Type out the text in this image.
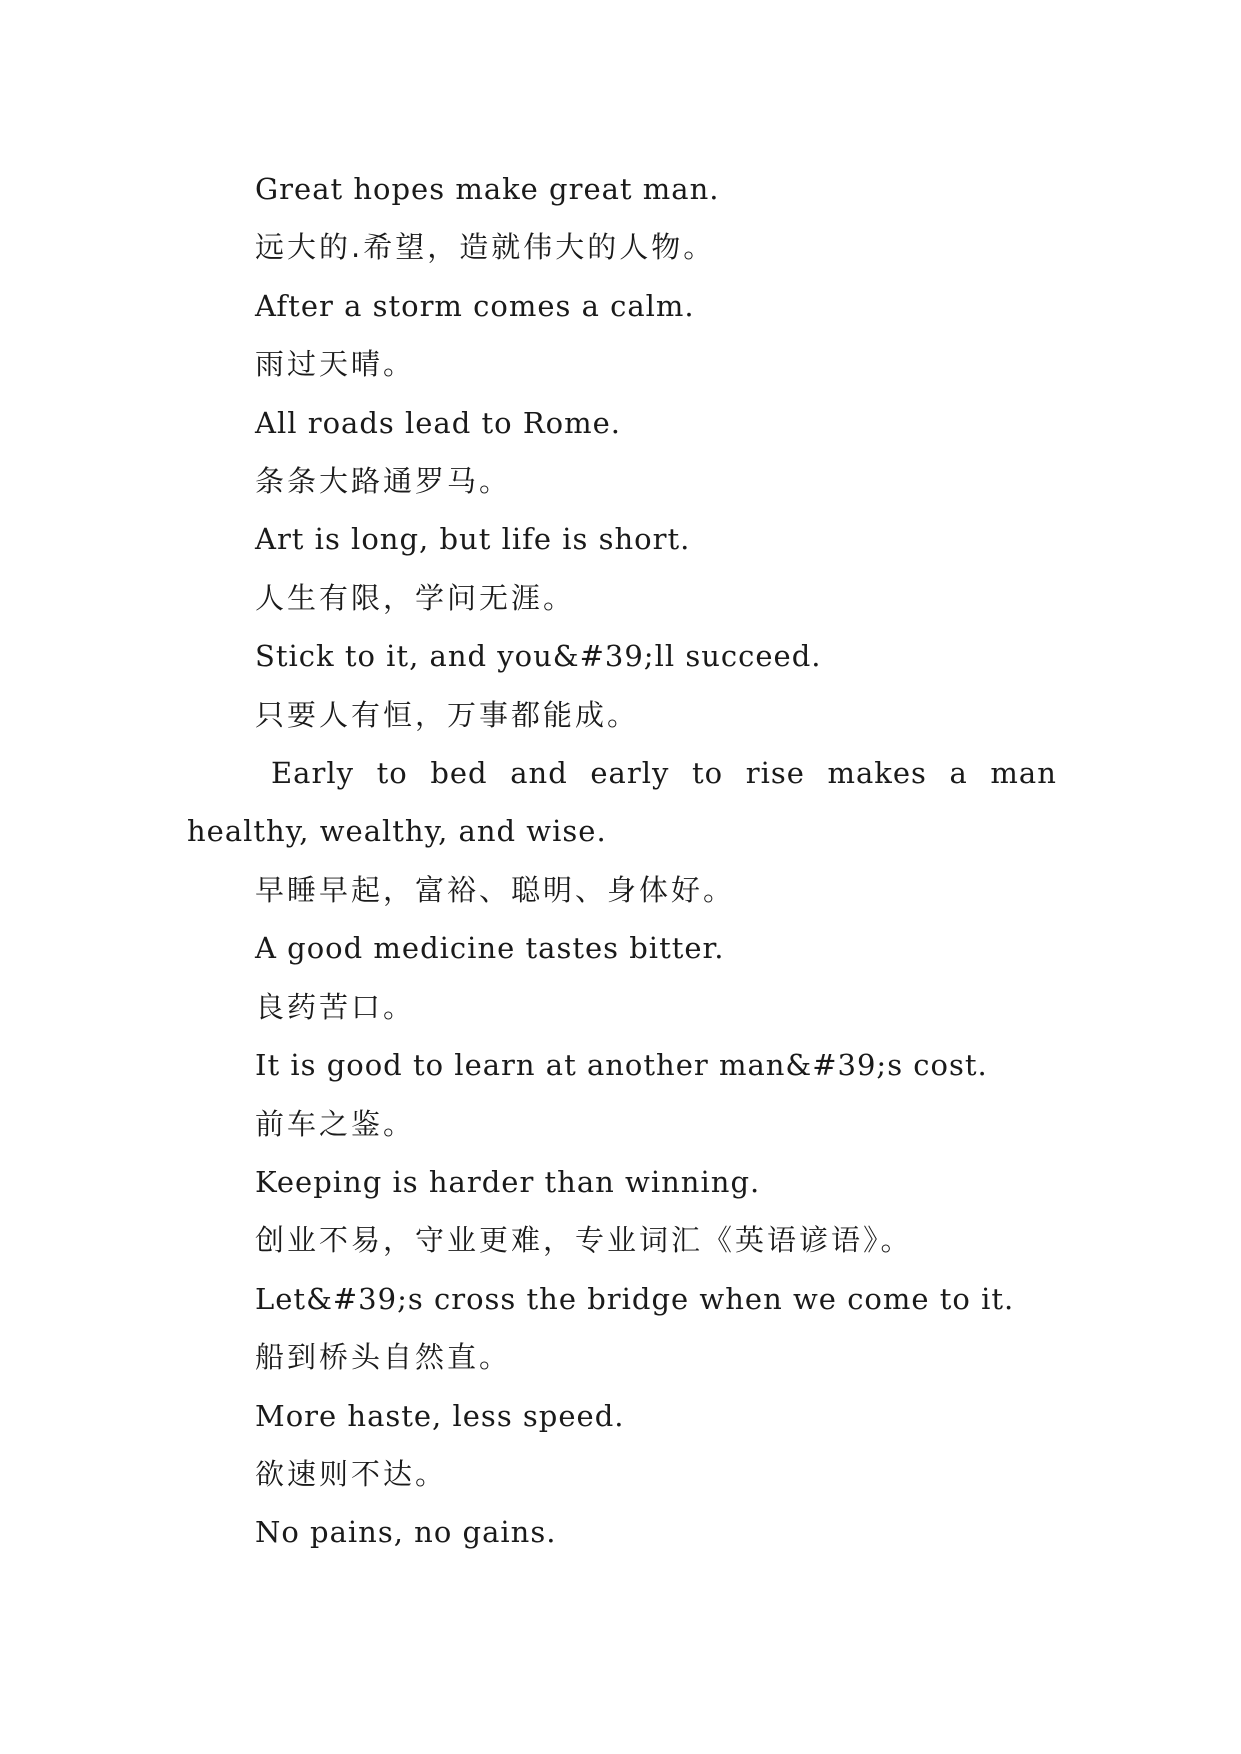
Great hopes make great man.
远大的.希望，造就伟大的人物。
After a storm comes a calm.
雨过天晴。
All roads lead to Rome.
条条大路通罗马。
Art is long, but life is short.
人生有限，学问无涯。
Stick to it, and you&#39;ll succeed.
只要人有恒，万事都能成。
Early to bed and early to rise makes a man
healthy, wealthy, and wise.
早睡早起，富裕、聪明、身体好。
A good medicine tastes bitter.
良药苦口。
It is good to learn at another man&#39;s cost.
前车之鉴。
Keeping is harder than winning.
创业不易，守业更难，专业词汇《英语谚语》。
Let&#39;s cross the bridge when we come to it.
船到桥头自然直。
More haste, less speed.
欲速则不达。
No pains, no gains.
